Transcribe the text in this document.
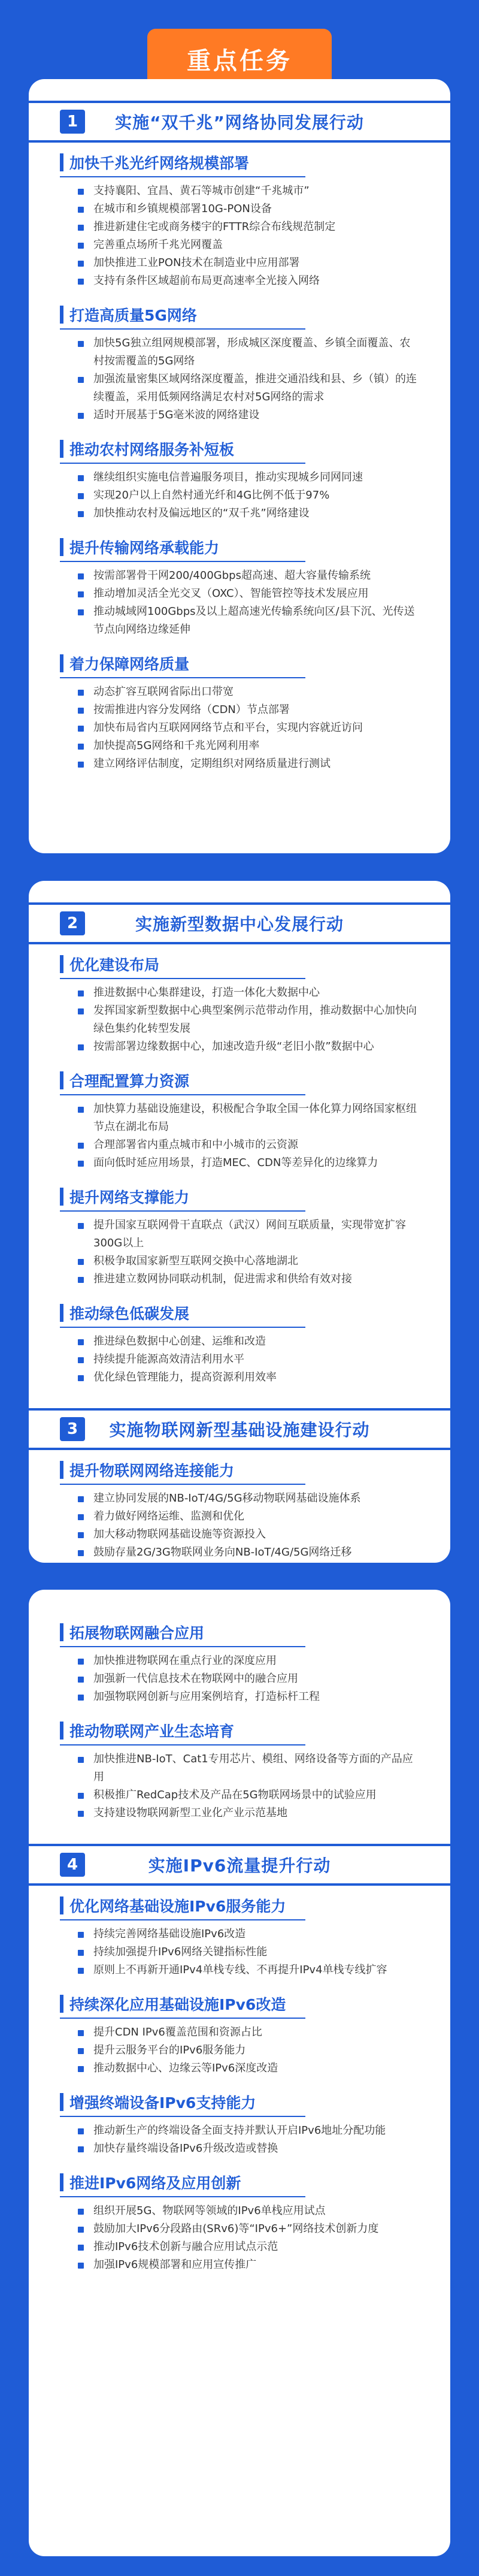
重点任务
1	实施“双千兆”网络协同发展行动
加快千兆光纤网络规模部署
支持襄阳、宜昌、黄石等城市创建“千兆城市”
在城市和乡镇规模部署10G-PON设备
推进新建住宅或商务楼宇的FTTR综合布线规范制定
完善重点场所千兆光网覆盖
加快推进工业PON技术在制造业中应用部署
支持有条件区域超前布局更高速率全光接入网络
打造高质量5G网络
加快5G独立组网规模部署，形成城区深度覆盖、乡镇全面覆盖、农村按需覆盖的5G网络
加强流量密集区域网络深度覆盖，推进交通沿线和县、乡（镇）的连续覆盖，采用低频网络满足农村对5G网络的需求
适时开展基于5G毫米波的网络建设
推动农村网络服务补短板
继续组织实施电信普遍服务项目，推动实现城乡同网同速
实现20户以上自然村通光纤和4G比例不低于97%
加快推动农村及偏远地区的“双千兆”网络建设
提升传输网络承载能力
按需部署骨干网200/400Gbps超高速、超大容量传输系统
推动增加灵活全光交叉（OXC）、智能管控等技术发展应用
推动城域网100Gbps及以上超高速光传输系统向区/县下沉、光传送节点向网络边缘延伸
着力保障网络质量
动态扩容互联网省际出口带宽
按需推进内容分发网络（CDN）节点部署
加快布局省内互联网网络节点和平台，实现内容就近访问
加快提高5G网络和千兆光网利用率
建立网络评估制度，定期组织对网络质量进行测试
2	实施新型数据中心发展行动
优化建设布局
推进数据中心集群建设，打造一体化大数据中心
发挥国家新型数据中心典型案例示范带动作用，推动数据中心加快向绿色集约化转型发展
按需部署边缘数据中心，加速改造升级“老旧小散”数据中心
合理配置算力资源
加快算力基础设施建设，积极配合争取全国一体化算力网络国家枢纽节点在湖北布局
合理部署省内重点城市和中小城市的云资源
面向低时延应用场景，打造MEC、CDN等差异化的边缘算力
提升网络支撑能力
提升国家互联网骨干直联点（武汉）网间互联质量，实现带宽扩容300G以上
积极争取国家新型互联网交换中心落地湖北
推进建立数网协同联动机制，促进需求和供给有效对接
推动绿色低碳发展
推进绿色数据中心创建、运维和改造
持续提升能源高效清洁利用水平
优化绿色管理能力，提高资源利用效率
3	实施物联网新型基础设施建设行动
提升物联网网络连接能力
建立协同发展的NB-IoT/4G/5G移动物联网基础设施体系
着力做好网络运维、监测和优化
加大移动物联网基础设施等资源投入
鼓励存量2G/3G物联网业务向NB-IoT/4G/5G网络迁移
拓展物联网融合应用
加快推进物联网在重点行业的深度应用
加强新一代信息技术在物联网中的融合应用
加强物联网创新与应用案例培育，打造标杆工程
推动物联网产业生态培育
加快推进NB-IoT、Cat1专用芯片、模组、网络设备等方面的产品应用
积极推广RedCap技术及产品在5G物联网场景中的试验应用
支持建设物联网新型工业化产业示范基地
4	实施IPv6流量提升行动
优化网络基础设施IPv6服务能力
持续完善网络基础设施IPv6改造
持续加强提升IPv6网络关键指标性能
原则上不再新开通IPv4单栈专线、不再提升IPv4单栈专线扩容
持续深化应用基础设施IPv6改造
提升CDN IPv6覆盖范围和资源占比
提升云服务平台的IPv6服务能力
推动数据中心、边缘云等IPv6深度改造
增强终端设备IPv6支持能力
推动新生产的终端设备全面支持并默认开启IPv6地址分配功能
加快存量终端设备IPv6升级改造或替换
推进IPv6网络及应用创新
组织开展5G、物联网等领域的IPv6单栈应用试点
鼓励加大IPv6分段路由(SRv6)等“IPv6+”网络技术创新力度
推动IPv6技术创新与融合应用试点示范
加强IPv6规模部署和应用宣传推广
